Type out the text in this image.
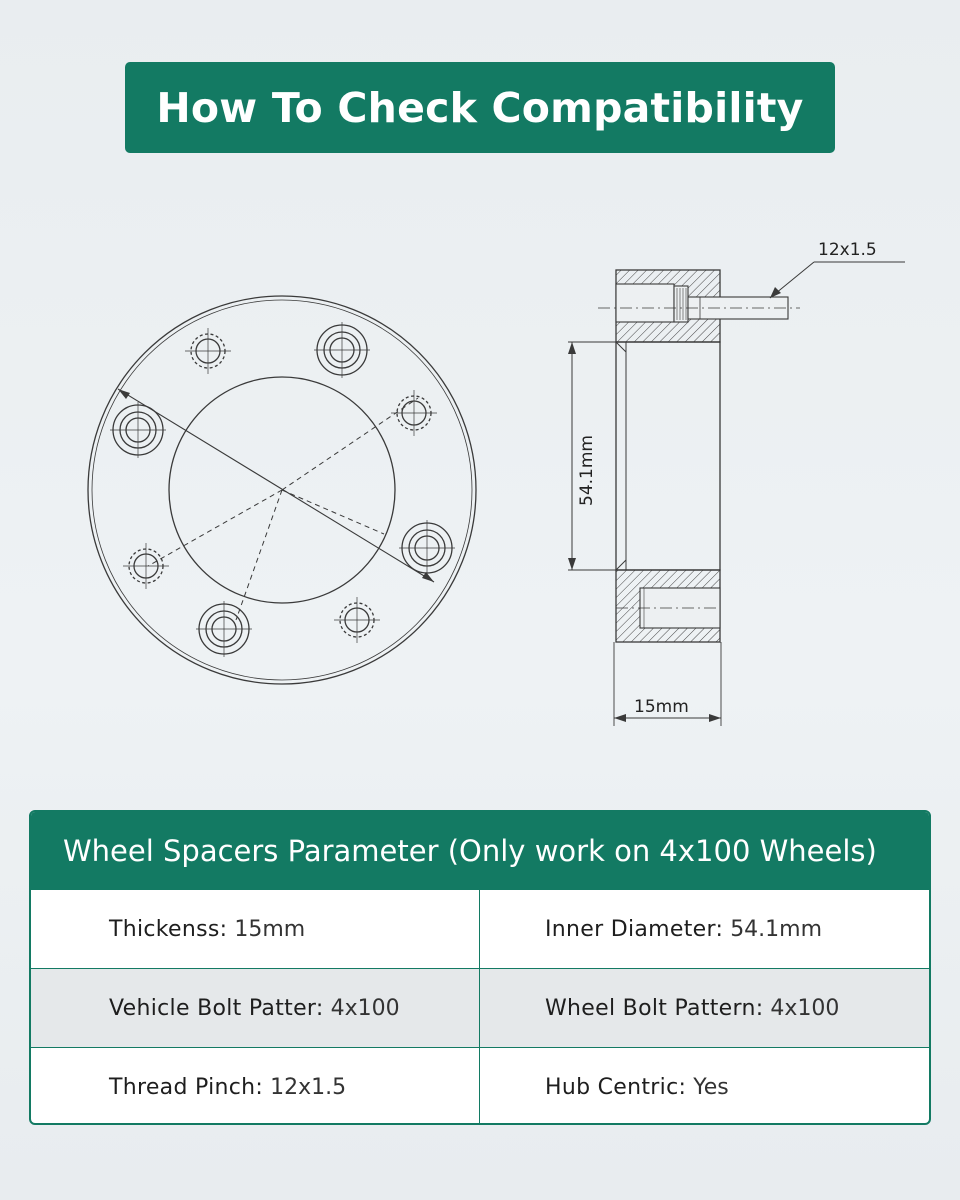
How To Check Compatibility
12x1.5
54.1mm
15mm
Wheel Spacers Parameter (Only work on 4x100 Wheels)
Thickenss: 15mm	Inner Diameter: 54.1mm
Vehicle Bolt Patter: 4x100	Wheel Bolt Pattern: 4x100
Thread Pinch: 12x1.5	Hub Centric: Yes
